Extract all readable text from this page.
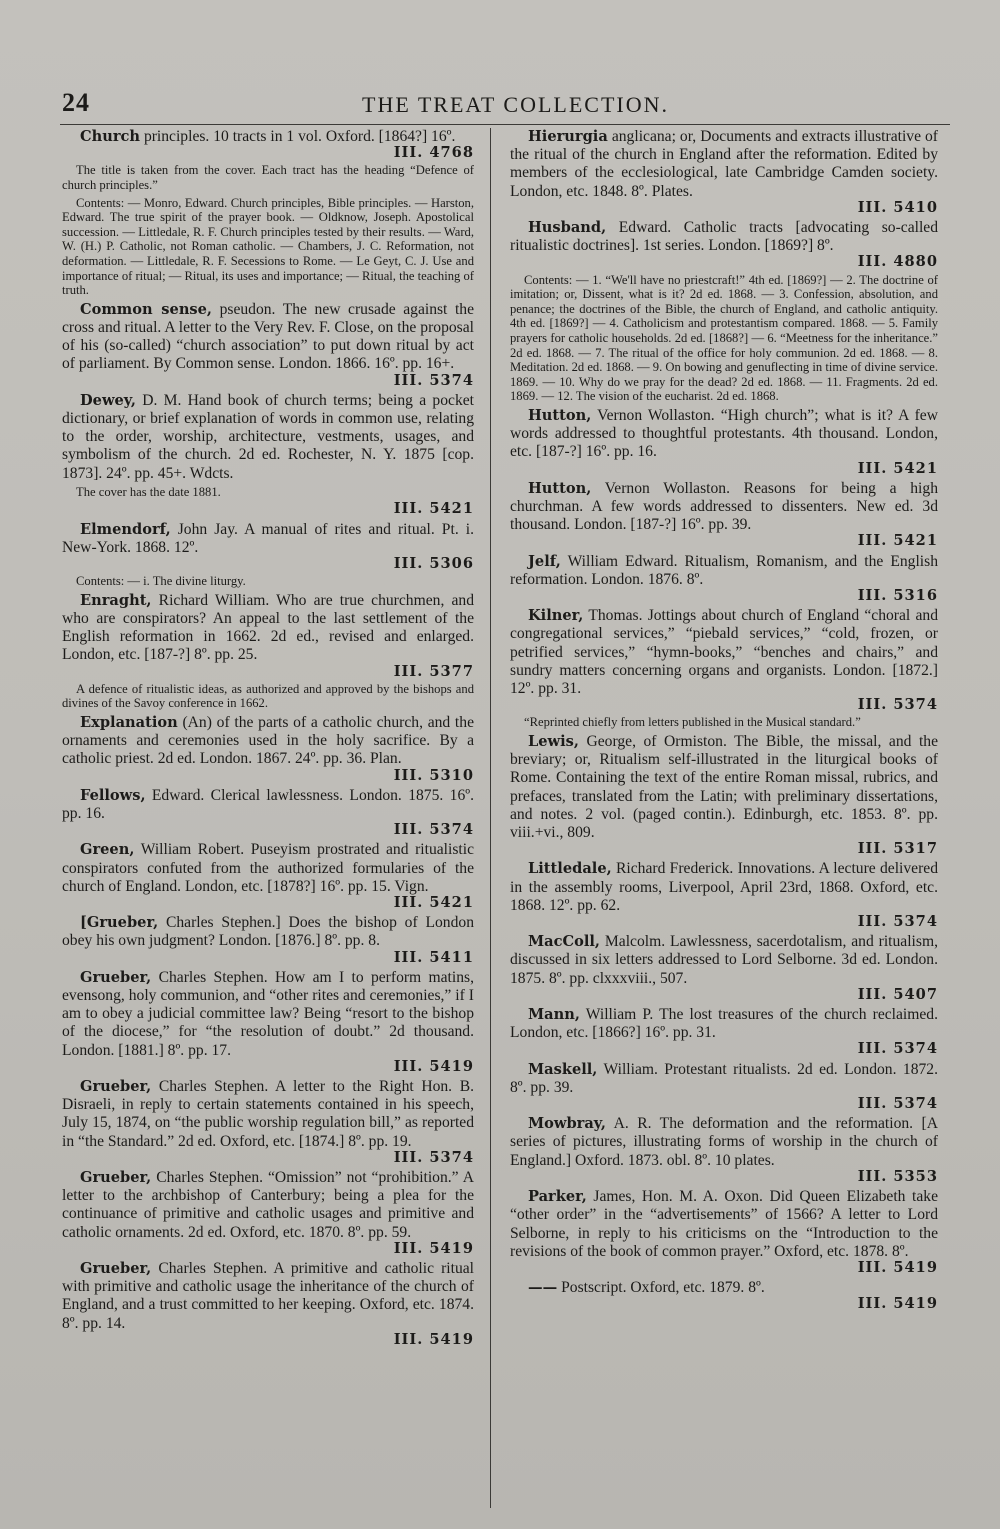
24	THE TREAT COLLECTION.

Church principles. 10 tracts in 1 vol. Oxford. [1864?] 16º.

III. 4768
The title is taken from the cover. Each tract has the heading “Defence of church principles.”
Contents: — Monro, Edward. Church principles, Bible principles. — Harston, Edward. The true spirit of the prayer book. — Oldknow, Joseph. Apostolical succession. — Littledale, R. F. Church principles tested by their results. — Ward, W. (H.) P. Catholic, not Roman catholic. — Chambers, J. C. Reformation, not deformation. — Littledale, R. F. Secessions to Rome. — Le Geyt, C. J. Use and importance of ritual; — Ritual, its uses and importance; — Ritual, the teaching of truth.

Common sense, pseudon. The new crusade against the cross and ritual. A letter to the Very Rev. F. Close, on the proposal of his (so-called) “church association” to put down ritual by act of parliament. By Common sense. London. 1866. 16º. pp. 16+.

III. 5374

Dewey, D. M. Hand book of church terms; being a pocket dictionary, or brief explanation of words in common use, relating to the order, worship, architecture, vestments, usages, and symbolism of the church. 2d ed. Rochester, N. Y. 1875 [cop. 1873]. 24º. pp. 45+. Wdcts.

The cover has the date 1881.
III. 5421

Elmendorf, John Jay. A manual of rites and ritual. Pt. i. New-York. 1868. 12º.

III. 5306
Contents: — i. The divine liturgy.

Enraght, Richard William. Who are true churchmen, and who are conspirators? An appeal to the last settlement of the English reformation in 1662. 2d ed., revised and enlarged. London, etc. [187-?] 8º. pp. 25.

III. 5377
A defence of ritualistic ideas, as authorized and approved by the bishops and divines of the Savoy conference in 1662.

Explanation (An) of the parts of a catholic church, and the ornaments and ceremonies used in the holy sacrifice. By a catholic priest. 2d ed. London. 1867. 24º. pp. 36. Plan.

III. 5310

Fellows, Edward. Clerical lawlessness. London. 1875. 16º. pp. 16.

III. 5374

Green, William Robert. Puseyism prostrated and ritualistic conspirators confuted from the authorized formularies of the church of England. London, etc. [1878?] 16º. pp. 15. Vign.

III. 5421

[Grueber, Charles Stephen.] Does the bishop of London obey his own judgment? London. [1876.] 8º. pp. 8.

III. 5411

Grueber, Charles Stephen. How am I to perform matins, evensong, holy communion, and “other rites and ceremonies,” if I am to obey a judicial committee law? Being “resort to the bishop of the diocese,” for “the resolution of doubt.” 2d thousand. London. [1881.] 8º. pp. 17.

III. 5419

Grueber, Charles Stephen. A letter to the Right Hon. B. Disraeli, in reply to certain statements contained in his speech, July 15, 1874, on “the public worship regulation bill,” as reported in “the Standard.” 2d ed. Oxford, etc. [1874.] 8º. pp. 19.

III. 5374

Grueber, Charles Stephen. “Omission” not “prohibition.” A letter to the archbishop of Canterbury; being a plea for the continuance of primitive and catholic usages and primitive and catholic ornaments. 2d ed. Oxford, etc. 1870. 8º. pp. 59.

III. 5419

Grueber, Charles Stephen. A primitive and catholic ritual with primitive and catholic usage the inheritance of the church of England, and a trust committed to her keeping. Oxford, etc. 1874. 8º. pp. 14.

III. 5419

Hierurgia anglicana; or, Documents and extracts illustrative of the ritual of the church in England after the reformation. Edited by members of the ecclesiological, late Cambridge Camden society. London, etc. 1848. 8º. Plates.

III. 5410

Husband, Edward. Catholic tracts [advocating so-called ritualistic doctrines]. 1st series. London. [1869?] 8º.

III. 4880
Contents: — 1. “We'll have no priestcraft!” 4th ed. [1869?] — 2. The doctrine of imitation; or, Dissent, what is it? 2d ed. 1868. — 3. Confession, absolution, and penance; the doctrines of the Bible, the church of England, and catholic antiquity. 4th ed. [1869?] — 4. Catholicism and protestantism compared. 1868. — 5. Family prayers for catholic households. 2d ed. [1868?] — 6. “Meetness for the inheritance.” 2d ed. 1868. — 7. The ritual of the office for holy communion. 2d ed. 1868. — 8. Meditation. 2d ed. 1868. — 9. On bowing and genuflecting in time of divine service. 1869. — 10. Why do we pray for the dead? 2d ed. 1868. — 11. Fragments. 2d ed. 1869. — 12. The vision of the eucharist. 2d ed. 1868.

Hutton, Vernon Wollaston. “High church”; what is it? A few words addressed to thoughtful protestants. 4th thousand. London, etc. [187-?] 16º. pp. 16.

III. 5421

Hutton, Vernon Wollaston. Reasons for being a high churchman. A few words addressed to dissenters. New ed. 3d thousand. London. [187-?] 16º. pp. 39.

III. 5421

Jelf, William Edward. Ritualism, Romanism, and the English reformation. London. 1876. 8º.

III. 5316

Kilner, Thomas. Jottings about church of England “choral and congregational services,” “piebald services,” “cold, frozen, or petrified services,” “hymn-books,” “benches and chairs,” and sundry matters concerning organs and organists. London. [1872.] 12º. pp. 31.

III. 5374
“Reprinted chiefly from letters published in the Musical standard.”

Lewis, George, of Ormiston. The Bible, the missal, and the breviary; or, Ritualism self-illustrated in the liturgical books of Rome. Containing the text of the entire Roman missal, rubrics, and prefaces, translated from the Latin; with preliminary dissertations, and notes. 2 vol. (paged contin.). Edinburgh, etc. 1853. 8º. pp. viii.+vi., 809.

III. 5317

Littledale, Richard Frederick. Innovations. A lecture delivered in the assembly rooms, Liverpool, April 23rd, 1868. Oxford, etc. 1868. 12º. pp. 62.

III. 5374

MacColl, Malcolm. Lawlessness, sacerdotalism, and ritualism, discussed in six letters addressed to Lord Selborne. 3d ed. London. 1875. 8º. pp. clxxxviii., 507.

III. 5407

Mann, William P. The lost treasures of the church reclaimed. London, etc. [1866?] 16º. pp. 31.

III. 5374

Maskell, William. Protestant ritualists. 2d ed. London. 1872. 8º. pp. 39.

III. 5374

Mowbray, A. R. The deformation and the reformation. [A series of pictures, illustrating forms of worship in the church of England.] Oxford. 1873. obl. 8º. 10 plates.

III. 5353

Parker, James, Hon. M. A. Oxon. Did Queen Elizabeth take “other order” in the “advertisements” of 1566? A letter to Lord Selborne, in reply to his criticisms on the “Introduction to the revisions of the book of common prayer.” Oxford, etc. 1878. 8º.

III. 5419

—— Postscript. Oxford, etc. 1879. 8º.

III. 5419
